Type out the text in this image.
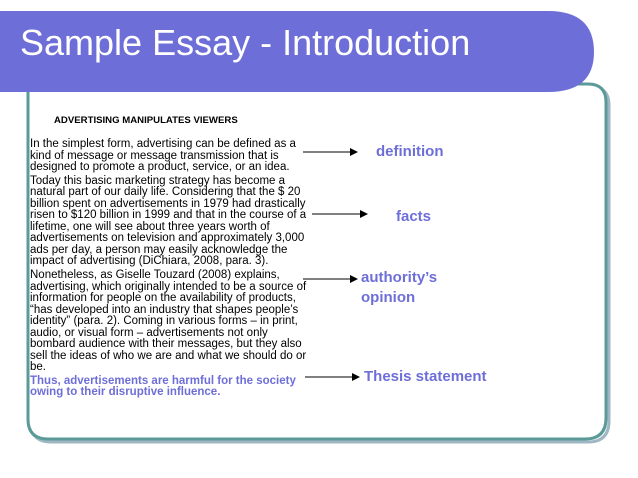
Sample Essay - Introduction
ADVERTISING MANIPULATES VIEWERS

In the simplest form, advertising can be defined as a kind of message or message transmission that is designed to promote a product, service, or an idea.

Today this basic marketing strategy has become a natural part of our daily life. Considering that the $ 20 billion spent on advertisements in 1979 had drastically risen to $120 billion in 1999 and that in the course of a lifetime, one will see about three years worth of advertisements on television and approximately 3,000 ads per day, a person may easily acknowledge the impact of advertising (DiChiara, 2008, para. 3).

Nonetheless, as Giselle Touzard (2008) explains, advertising, which originally intended to be a source of information for people on the availability of products, “has developed into an industry that shapes people’s identity” (para. 2). Coming in various forms – in print, audio, or visual form – advertisements not only bombard audience with their messages, but they also sell the ideas of who we are and what we should do or be.

Thus, advertisements are harmful for the society owing to their disruptive influence.

definition
facts
authority’s
opinion
Thesis statement
